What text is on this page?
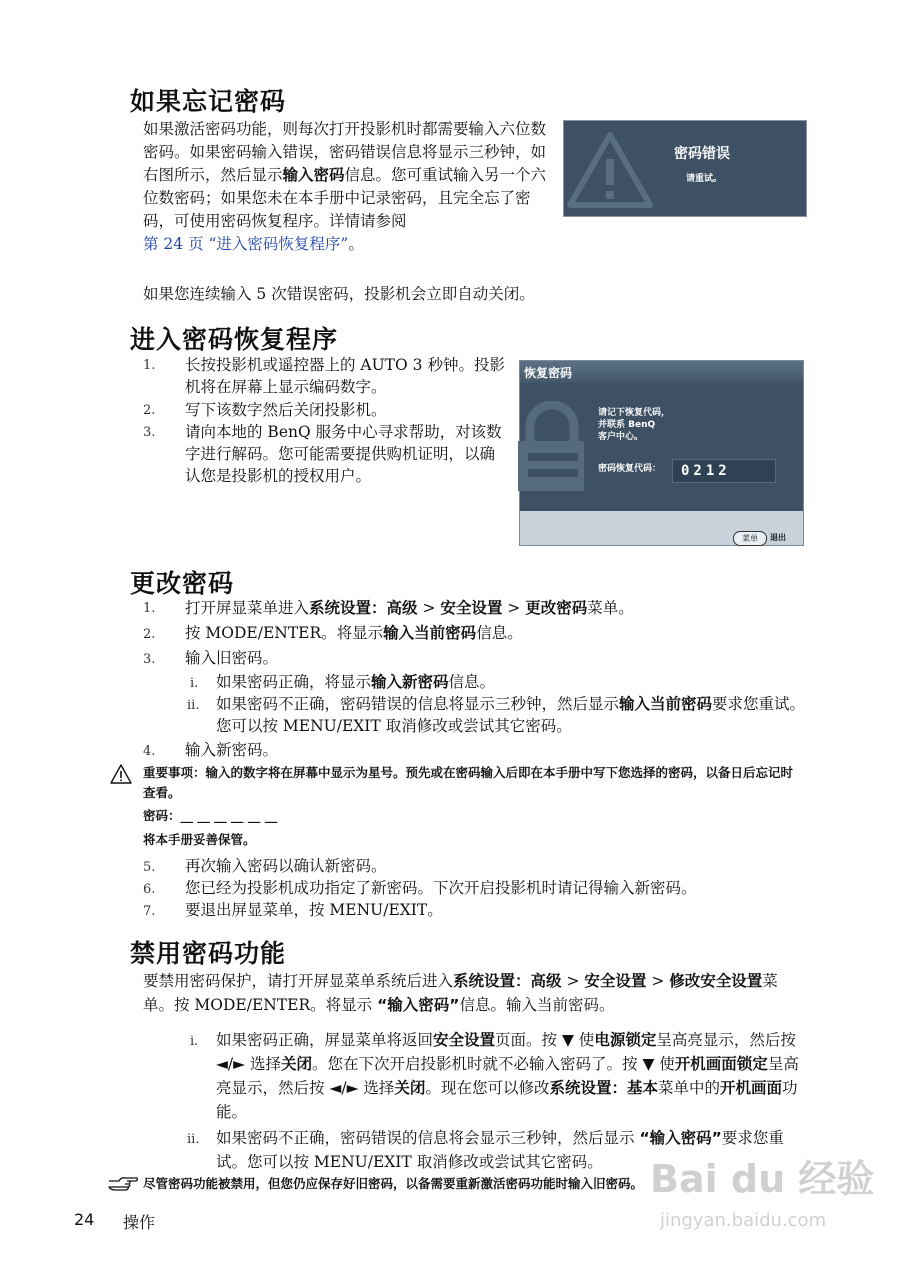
如果忘记密码
如果激活密码功能，则每次打开投影机时都需要输入六位数密码。如果密码输入错误，密码错误信息将显示三秒钟，如右图所示，然后显示输入密码信息。您可重试输入另一个六位数密码；如果您未在本手册中记录密码，且完全忘了密码，可使用密码恢复程序。详情请参阅
第 24 页 “进入密码恢复程序”。
如果您连续输入 5 次错误密码，投影机会立即自动关闭。
密码错误
请重试。
进入密码恢复程序
1. 长按投影机或遥控器上的 AUTO 3 秒钟。投影机将在屏幕上显示编码数字。
2. 写下该数字然后关闭投影机。
3. 请向本地的 BenQ 服务中心寻求帮助，对该数字进行解码。您可能需要提供购机证明，以确认您是投影机的授权用户。
恢复密码
请记下恢复代码，
并联系 BenQ
客户中心。
密码恢复代码：	0212
菜单	退出
更改密码
1. 打开屏显菜单进入系统设置：高级 > 安全设置 > 更改密码菜单。
2. 按 MODE/ENTER。将显示输入当前密码信息。
3. 输入旧密码。
i. 如果密码正确，将显示输入新密码信息。
ii. 如果密码不正确，密码错误的信息将显示三秒钟，然后显示输入当前密码要求您重试。您可以按 MENU/EXIT 取消修改或尝试其它密码。
4. 输入新密码。
重要事项：输入的数字将在屏幕中显示为星号。预先或在密码输入后即在本手册中写下您选择的密码，以备日后忘记时查看。
密码：__ __ __ __ __ __
将本手册妥善保管。
5. 再次输入密码以确认新密码。
6. 您已经为投影机成功指定了新密码。下次开启投影机时请记得输入新密码。
7. 要退出屏显菜单，按 MENU/EXIT。
禁用密码功能
要禁用密码保护，请打开屏显菜单系统后进入系统设置：高级 > 安全设置 > 修改安全设置菜单。按 MODE/ENTER。将显示 “输入密码”信息。输入当前密码。
i. 如果密码正确，屏显菜单将返回安全设置页面。按 ▼ 使电源锁定呈高亮显示，然后按 ◄/► 选择关闭。您在下次开启投影机时就不必输入密码了。按 ▼ 使开机画面锁定呈高亮显示，然后按 ◄/► 选择关闭。现在您可以修改系统设置：基本菜单中的开机画面功能。
ii. 如果密码不正确，密码错误的信息将会显示三秒钟，然后显示 “输入密码”要求您重试。您可以按 MENU/EXIT 取消修改或尝试其它密码。
尽管密码功能被禁用，但您仍应保存好旧密码，以备需要重新激活密码功能时输入旧密码。
24 操作
Bai du 经验
jingyan.baidu.com
